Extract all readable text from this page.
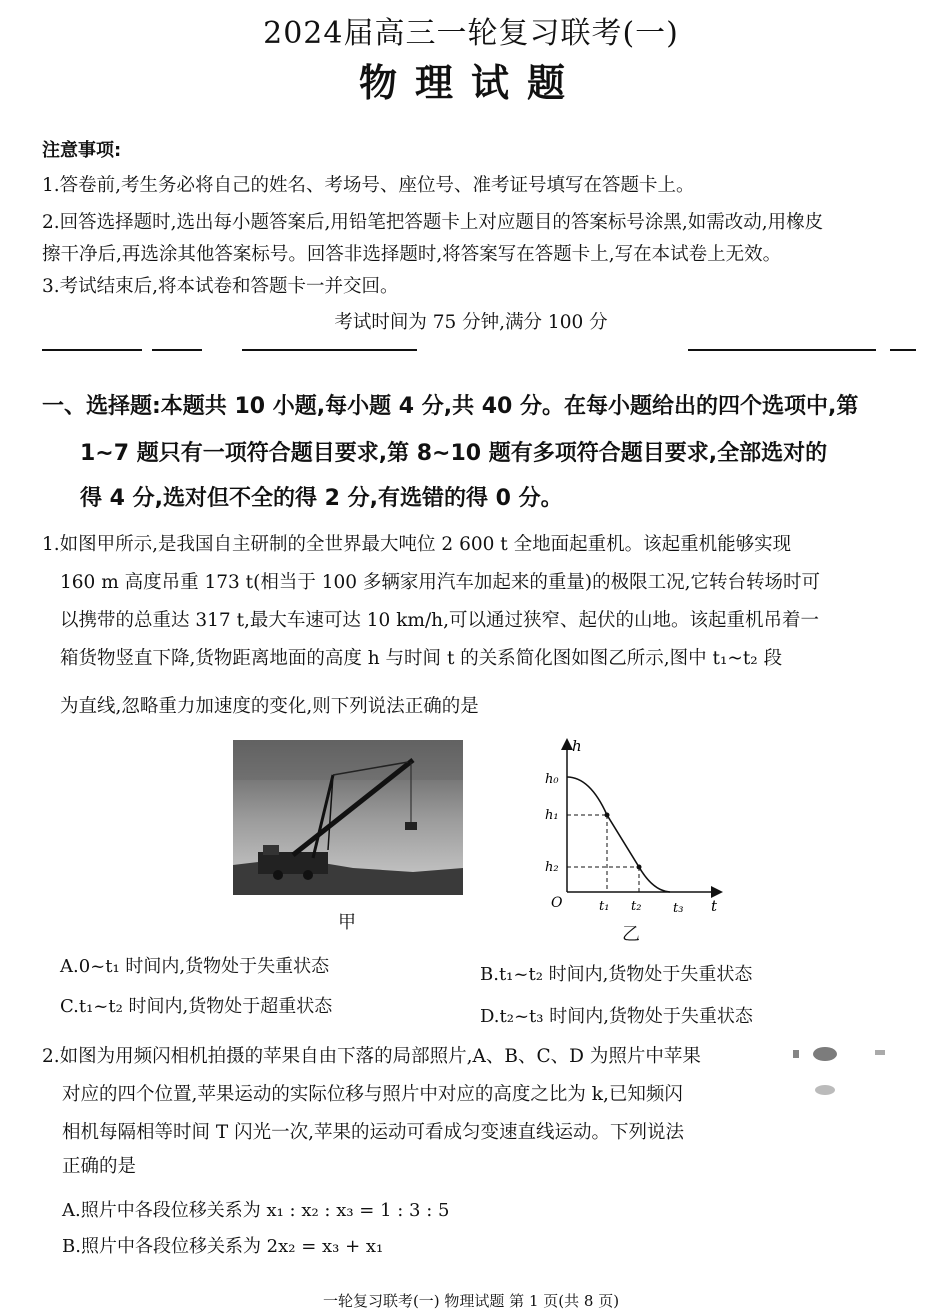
2024届高三一轮复习联考(一)
物理试题
注意事项:
1.答卷前,考生务必将自己的姓名、考场号、座位号、准考证号填写在答题卡上。
2.回答选择题时,选出每小题答案后,用铅笔把答题卡上对应题目的答案标号涂黑,如需改动,用橡皮
擦干净后,再选涂其他答案标号。回答非选择题时,将答案写在答题卡上,写在本试卷上无效。
3.考试结束后,将本试卷和答题卡一并交回。
考试时间为 75 分钟,满分 100 分
一、选择题:本题共 10 小题,每小题 4 分,共 40 分。在每小题给出的四个选项中,第
1~7 题只有一项符合题目要求,第 8~10 题有多项符合题目要求,全部选对的
得 4 分,选对但不全的得 2 分,有选错的得 0 分。
1.如图甲所示,是我国自主研制的全世界最大吨位 2 600 t 全地面起重机。该起重机能够实现
160 m 高度吊重 173 t(相当于 100 多辆家用汽车加起来的重量)的极限工况,它转台转场时可
以携带的总重达 317 t,最大车速可达 10 km/h,可以通过狭窄、起伏的山地。该起重机吊着一
箱货物竖直下降,货物距离地面的高度 h 与时间 t 的关系简化图如图乙所示,图中 t₁~t₂ 段
为直线,忽略重力加速度的变化,则下列说法正确的是
甲
h
h₀
h₁
h₂
O	t₁ t₂ t₃ t
乙
A.0~t₁ 时间内,货物处于失重状态	B.t₁~t₂ 时间内,货物处于失重状态
C.t₁~t₂ 时间内,货物处于超重状态	D.t₂~t₃ 时间内,货物处于失重状态
2.如图为用频闪相机拍摄的苹果自由下落的局部照片,A、B、C、D 为照片中苹果
对应的四个位置,苹果运动的实际位移与照片中对应的高度之比为 k,已知频闪
相机每隔相等时间 T 闪光一次,苹果的运动可看成匀变速直线运动。下列说法
正确的是
A.照片中各段位移关系为 x₁ : x₂ : x₃ = 1 : 3 : 5
B.照片中各段位移关系为 2x₂ = x₃ + x₁
一轮复习联考(一) 物理试题 第 1 页(共 8 页)
